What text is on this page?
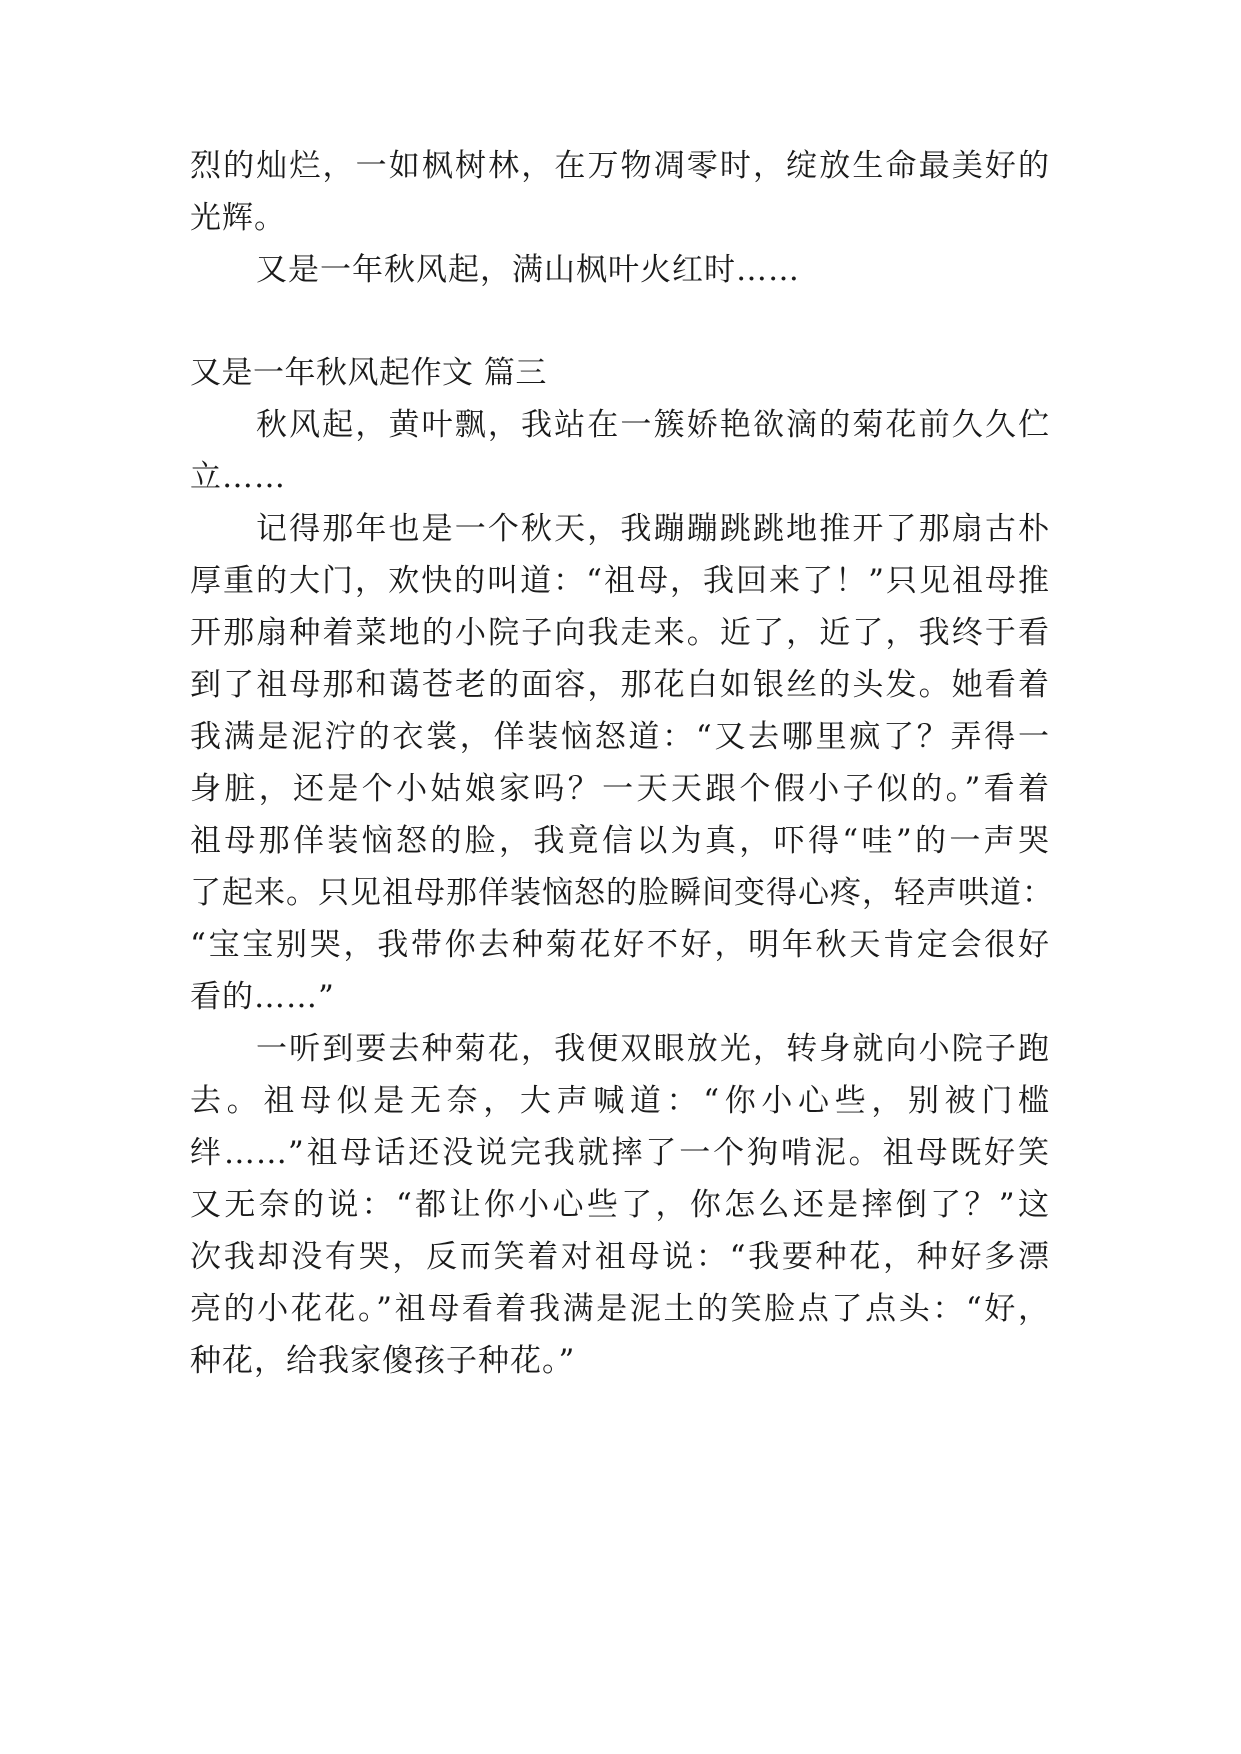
烈的灿烂，一如枫树林，在万物凋零时，绽放生命最美好的
光辉。
又是一年秋风起，满山枫叶火红时……
又是一年秋风起作文 篇三
秋风起，黄叶飘，我站在一簇娇艳欲滴的菊花前久久伫
立……
记得那年也是一个秋天，我蹦蹦跳跳地推开了那扇古朴
厚重的大门，欢快的叫道：“祖母，我回来了！”只见祖母推
开那扇种着菜地的小院子向我走来。近了，近了，我终于看
到了祖母那和蔼苍老的面容，那花白如银丝的头发。她看着
我满是泥泞的衣裳，佯装恼怒道：“又去哪里疯了？弄得一
身脏，还是个小姑娘家吗？一天天跟个假小子似的。”看着
祖母那佯装恼怒的脸，我竟信以为真，吓得“哇”的一声哭
了起来。只见祖母那佯装恼怒的脸瞬间变得心疼，轻声哄道：
“宝宝别哭，我带你去种菊花好不好，明年秋天肯定会很好
看的……”
一听到要去种菊花，我便双眼放光，转身就向小院子跑
去。祖母似是无奈，大声喊道：“你小心些，别被门槛
绊……”祖母话还没说完我就摔了一个狗啃泥。祖母既好笑
又无奈的说：“都让你小心些了，你怎么还是摔倒了？”这
次我却没有哭，反而笑着对祖母说：“我要种花，种好多漂
亮的小花花。”祖母看着我满是泥土的笑脸点了点头：“好，
种花，给我家傻孩子种花。”
